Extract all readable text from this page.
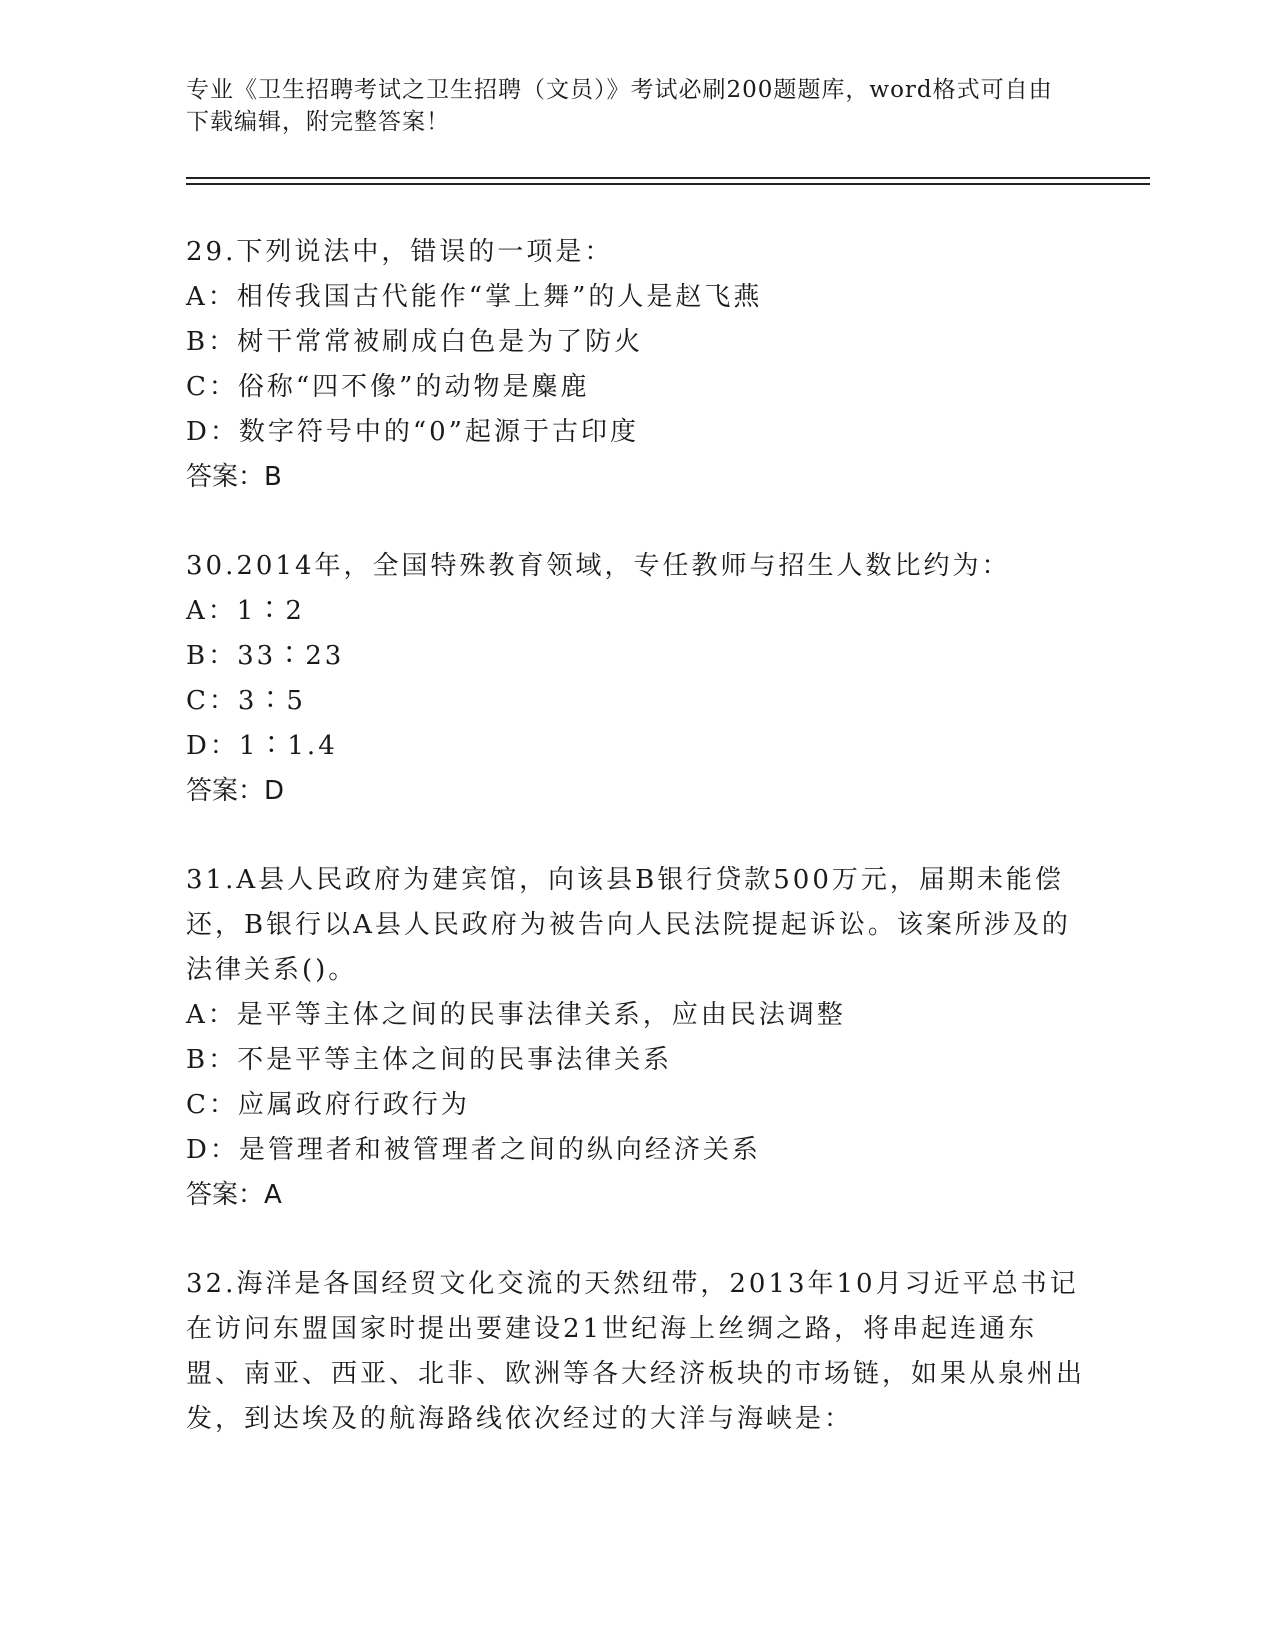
专业《卫生招聘考试之卫生招聘（文员）》考试必刷200题题库，word格式可自由下载编辑，附完整答案！

29.下列说法中，错误的一项是：

A：相传我国古代能作“掌上舞”的人是赵飞燕

B：树干常常被刷成白色是为了防火

C：俗称“四不像”的动物是麋鹿

D：数字符号中的“0”起源于古印度

答案：B

30.2014年，全国特殊教育领域，专任教师与招生人数比约为：

A：1∶2

B：33∶23

C：3∶5

D：1∶1.4

答案：D

31.A县人民政府为建宾馆，向该县B银行贷款500万元，届期未能偿还，B银行以A县人民政府为被告向人民法院提起诉讼。该案所涉及的法律关系()。

A：是平等主体之间的民事法律关系，应由民法调整

B：不是平等主体之间的民事法律关系

C：应属政府行政行为

D：是管理者和被管理者之间的纵向经济关系

答案：A

32.海洋是各国经贸文化交流的天然纽带，2013年10月习近平总书记在访问东盟国家时提出要建设21世纪海上丝绸之路，将串起连通东盟、南亚、西亚、北非、欧洲等各大经济板块的市场链，如果从泉州出发，到达埃及的航海路线依次经过的大洋与海峡是：
